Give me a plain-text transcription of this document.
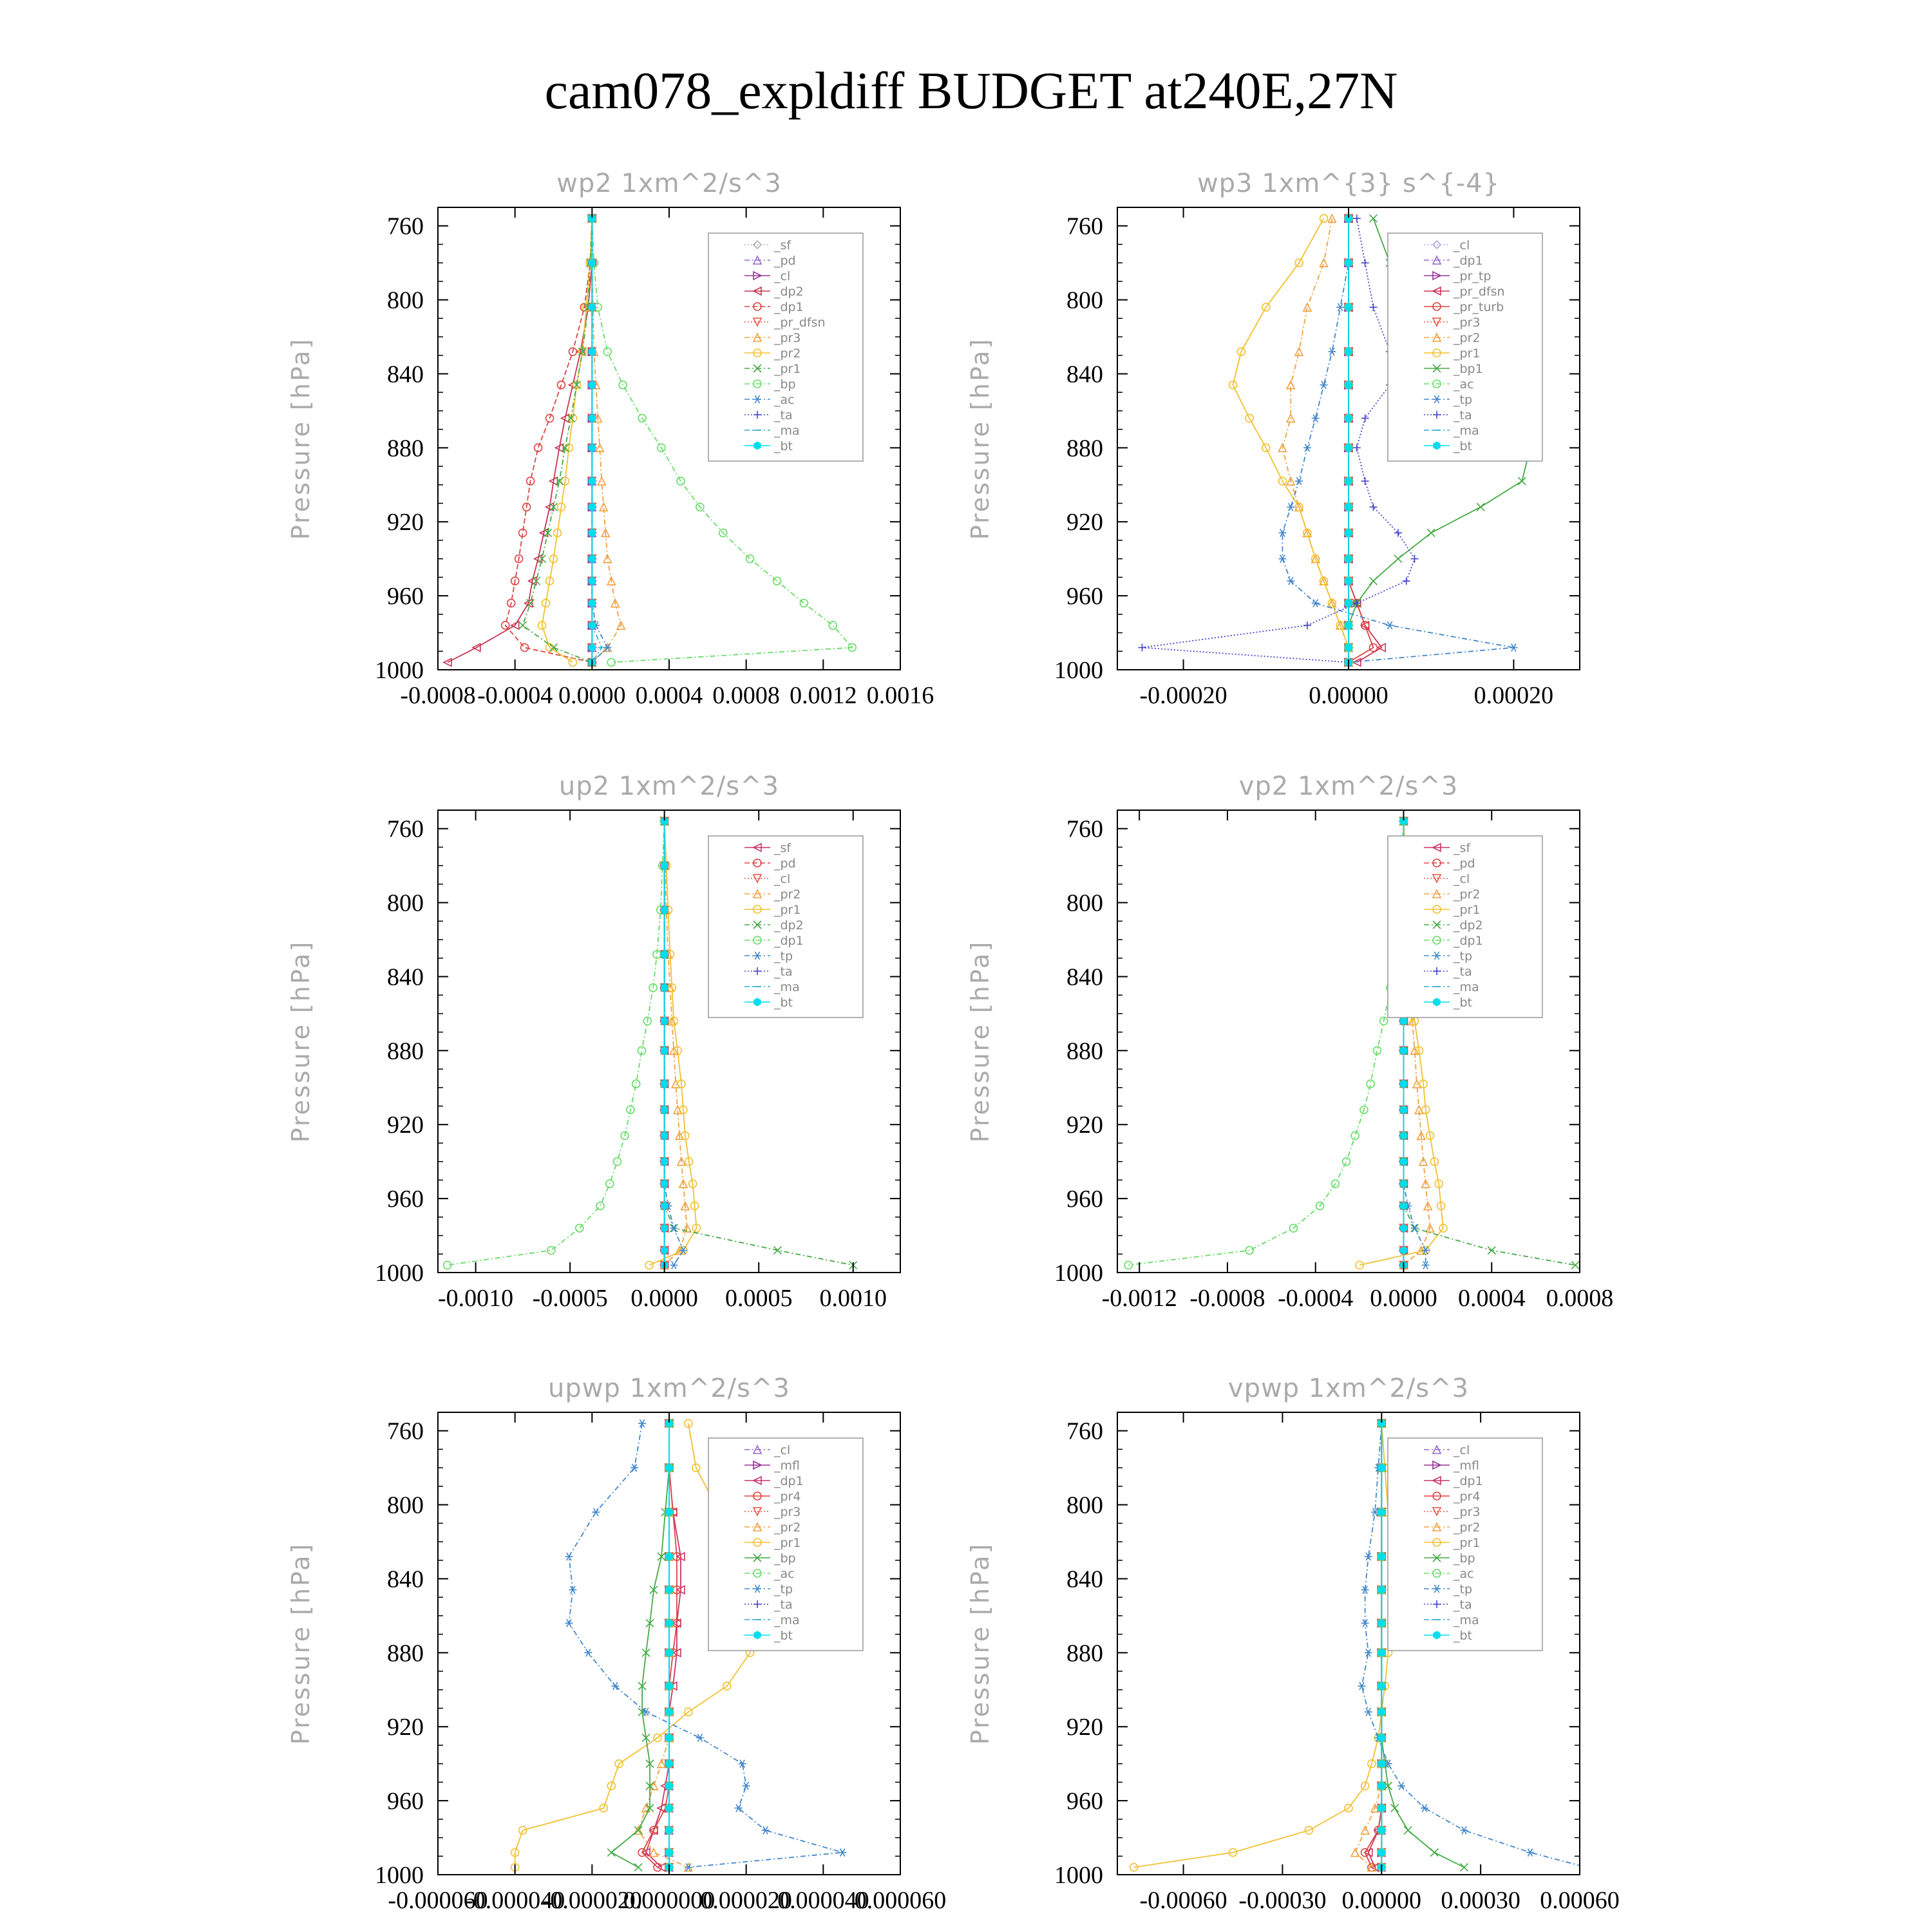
cam078_expldiff BUDGET at240E,27N
wp2 1xm^2/s^3
Pressure [hPa]
760
800
840
880
920
960
1000
-0.0008 -0.0004 0.0000 0.0004 0.0008 0.0012 0.0016
_sf
_pd
_cl
_dp2
_dp1
_pr_dfsn
_pr3
_pr2
_pr1
_bp
_ac
_ta
_ma
_bt
wp3 1xm^{3} s^{-4}
Pressure [hPa]
760
800
840
880
920
960
1000
-0.00020	0.00000	0.00020
_cl
_dp1
_pr_tp
_pr_dfsn
_pr_turb
_pr3
_pr2
_pr1
_bp1
_ac
_tp
_ta
_ma
_bt
up2 1xm^2/s^3
Pressure [hPa]
760
800
840
880
920
960
1000
-0.0010 -0.0005 0.0000 0.0005 0.0010
_sf
_pd
_cl
_pr2
_pr1
_dp2
_dp1
_tp
_ta
_ma
_bt
vp2 1xm^2/s^3
Pressure [hPa]
760
800
840
880
920
960
1000
-0.0012 -0.0008 -0.0004 0.0000 0.0004 0.0008
_sf
_pd
_cl
_pr2
_pr1
_dp2
_dp1
_tp
_ta
_ma
_bt
upwp 1xm^2/s^3
Pressure [hPa]
760
800
840
880
920
960
1000
-0.000060
-0.000040
-0.000020
0.000000
0.000020
0.000040
0.000060
_cl
_mfl
_dp1
_pr4
_pr3
_pr2
_pr1
_bp
_ac
_tp
_ta
_ma
_bt
vpwp 1xm^2/s^3
Pressure [hPa]
760
800
840
880
920
960
1000
-0.00060 -0.00030 0.00000 0.00030 0.00060
_cl
_mfl
_dp1
_pr4
_pr3
_pr2
_pr1
_bp
_ac
_tp
_ta
_ma
_bt
